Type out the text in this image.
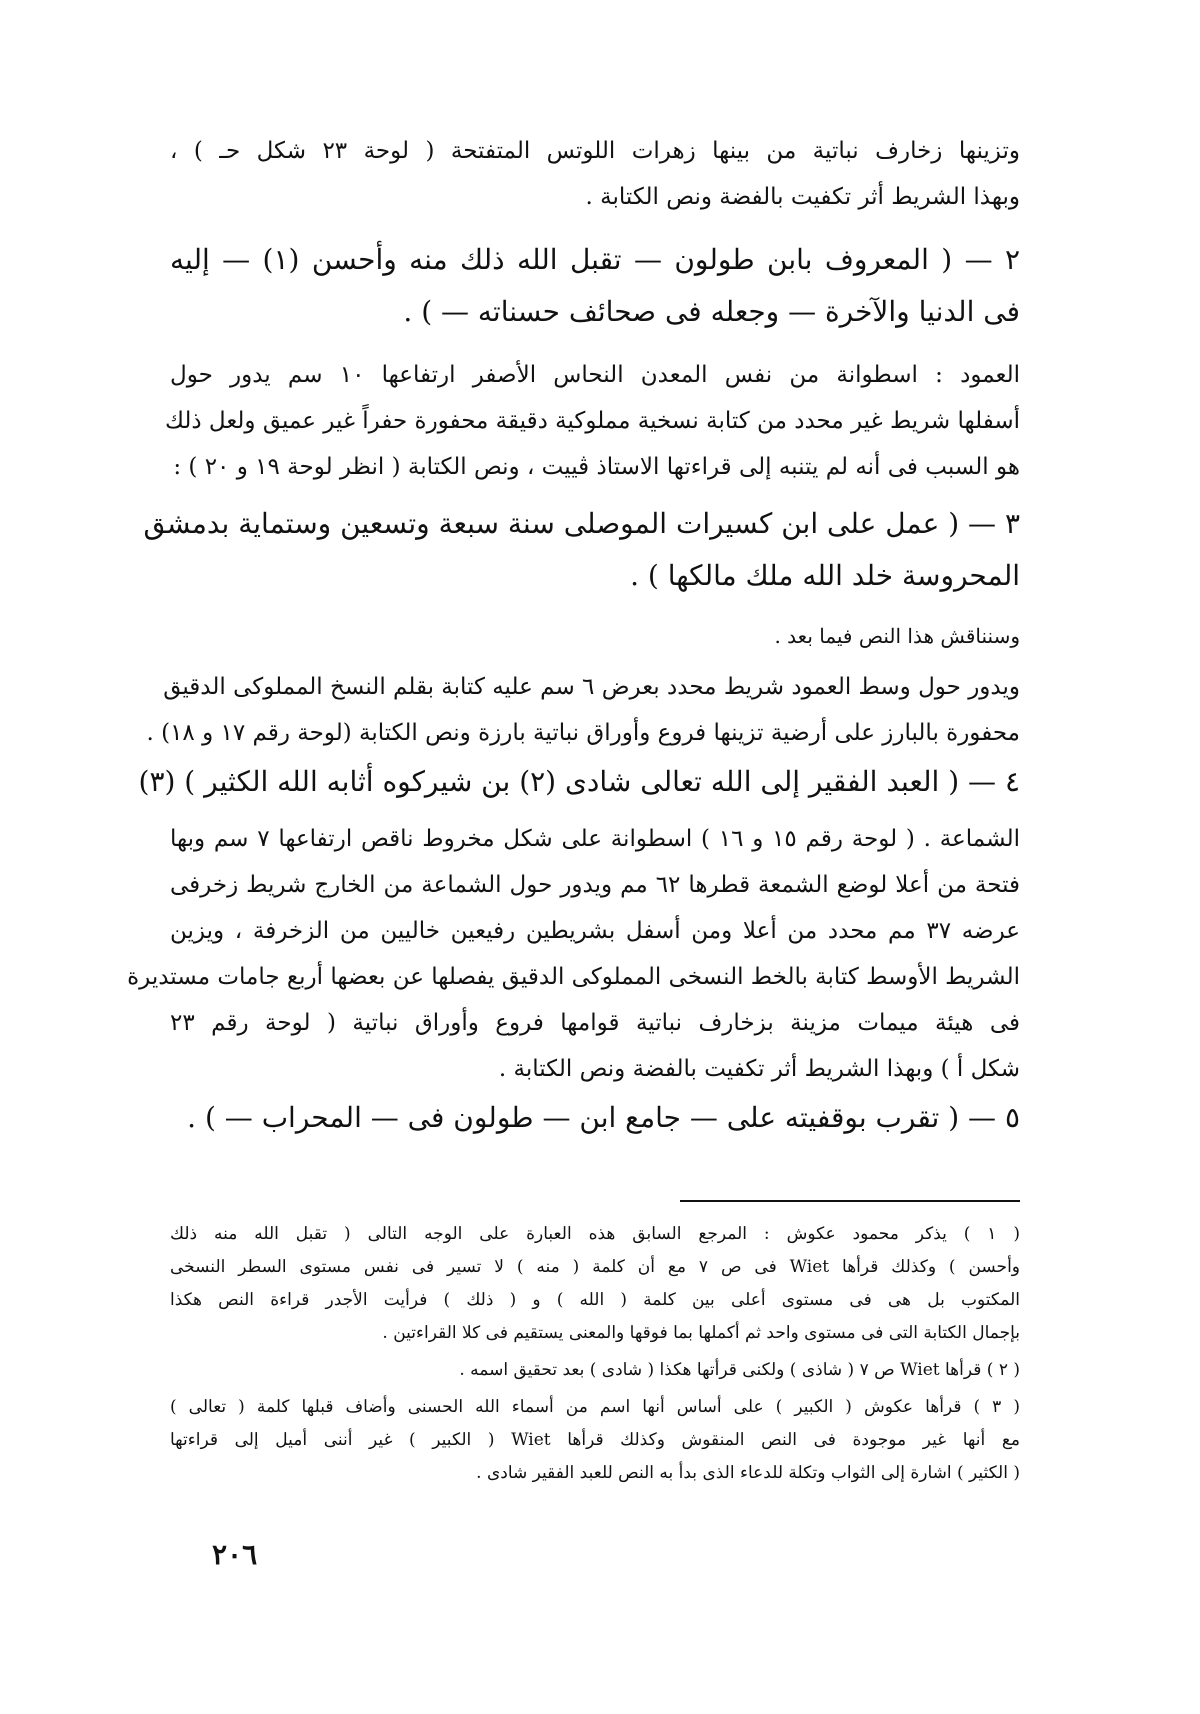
وتزينها زخارف نباتية من بينها زهرات اللوتس المتفتحة ( لوحة ٢٣ شكل حـ ) ،
وبهذا الشريط أثر تكفيت بالفضة ونص الكتابة .
٢ — ( المعروف بابن طولون — تقبل الله ذلك منه وأحسن (١) — إليه
فى الدنيا والآخرة — وجعله فى صحائف حسناته — ) .
العمود : اسطوانة من نفس المعدن النحاس الأصفر ارتفاعها ١٠ سم يدور حول
أسفلها شريط غير محدد من كتابة نسخية مملوكية دقيقة محفورة حفراً غير عميق ولعل ذلك
هو السبب فى أنه لم يتنبه إلى قراءتها الاستاذ ڤييت ، ونص الكتابة ( انظر لوحة ١٩ و ٢٠ ) :
٣ — ( عمل على ابن كسيرات الموصلى سنة سبعة وتسعين وستماية بدمشق
المحروسة خلد الله ملك مالكها ) .
وسنناقش هذا النص فيما بعد .
ويدور حول وسط العمود شريط محدد بعرض ٦ سم عليه كتابة بقلم النسخ المملوكى الدقيق
محفورة بالبارز على أرضية تزينها فروع وأوراق نباتية بارزة ونص الكتابة (لوحة رقم ١٧ و ١٨) .
٤ — ( العبد الفقير إلى الله تعالى شادى (٢) بن شيركوه أثابه الله الكثير ) (٣)
الشماعة . ( لوحة رقم ١٥ و ١٦ ) اسطوانة على شكل مخروط ناقص ارتفاعها ٧ سم وبها
فتحة من أعلا لوضع الشمعة قطرها ٦٢ مم ويدور حول الشماعة من الخارج شريط زخرفى
عرضه ٣٧ مم محدد من أعلا ومن أسفل بشريطين رفيعين خاليين من الزخرفة ، ويزين
الشريط الأوسط كتابة بالخط النسخى المملوكى الدقيق يفصلها عن بعضها أربع جامات مستديرة
فى هيئة ميمات مزينة بزخارف نباتية قوامها فروع وأوراق نباتية ( لوحة رقم ٢٣
شكل أ ) وبهذا الشريط أثر تكفيت بالفضة ونص الكتابة .
٥ — ( تقرب بوقفيته على — جامع ابن — طولون فى — المحراب — ) .
( ١ ) يذكر محمود عكوش : المرجع السابق هذه العبارة على الوجه التالى ( تقبل الله منه ذلك
وأحسن ) وكذلك قرأها Wiet فى ص ٧ مع أن كلمة ( منه ) لا تسير فى نفس مستوى السطر النسخى
المكتوب بل هى فى مستوى أعلى بين كلمة ( الله ) و ( ذلك ) فرأيت الأجدر قراءة النص هكذا
بإجمال الكتابة التى فى مستوى واحد ثم أكملها بما فوقها والمعنى يستقيم فى كلا القراءتين .
( ٢ ) قرأها Wiet ص ٧ ( شاذى ) ولكنى قرأتها هكذا ( شادى ) بعد تحقيق اسمه .
( ٣ ) قرأها عكوش ( الكبير ) على أساس أنها اسم من أسماء الله الحسنى وأضاف قبلها كلمة ( تعالى )
مع أنها غير موجودة فى النص المنقوش وكذلك قرأها Wiet ( الكبير ) غير أننى أميل إلى قراءتها
( الكثير ) اشارة إلى الثواب وتكلة للدعاء الذى بدأ به النص للعبد الفقير شادى .
٢٠٦
